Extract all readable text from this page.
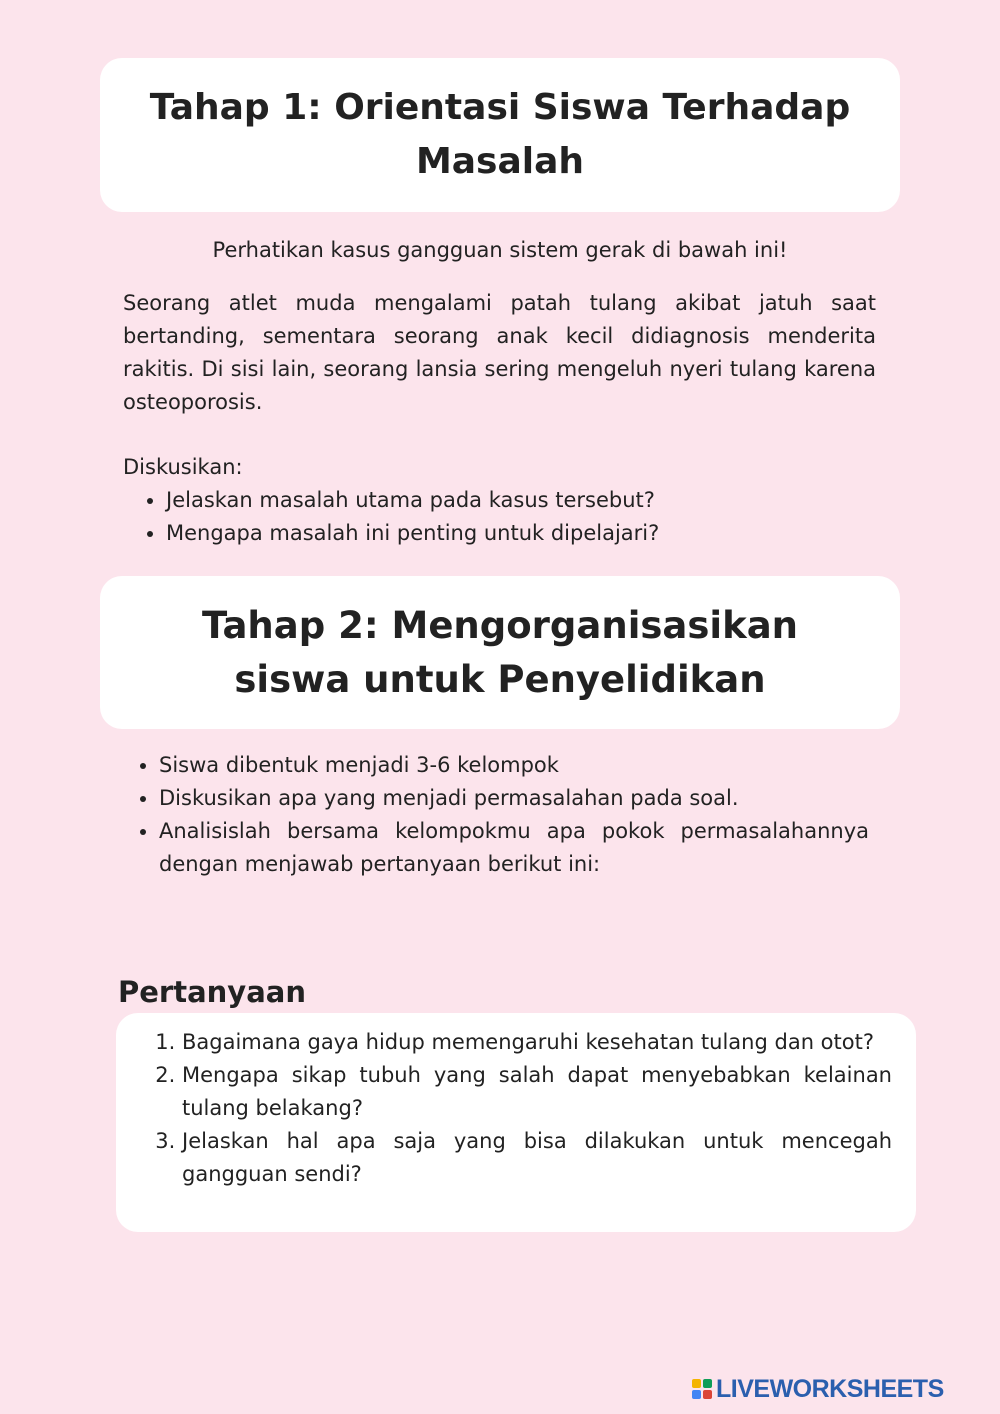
Tahap 1: Orientasi Siswa Terhadap Masalah

Perhatikan kasus gangguan sistem gerak di bawah ini!

Seorang atlet muda mengalami patah tulang akibat jatuh saat bertanding, sementara seorang anak kecil didiagnosis menderita rakitis. Di sisi lain, seorang lansia sering mengeluh nyeri tulang karena osteoporosis.

Diskusikan:

• Jelaskan masalah utama pada kasus tersebut?
• Mengapa masalah ini penting untuk dipelajari?
Tahap 2: Mengorganisasikan siswa untuk Penyelidikan
• Siswa dibentuk menjadi 3-6 kelompok
• Diskusikan apa yang menjadi permasalahan pada soal.
• Analisislah bersama kelompokmu apa pokok permasalahannya dengan menjawab pertanyaan berikut ini:
Pertanyaan
1. Bagaimana gaya hidup memengaruhi kesehatan tulang dan otot?
2. Mengapa sikap tubuh yang salah dapat menyebabkan kelainan tulang belakang?
3. Jelaskan hal apa saja yang bisa dilakukan untuk mencegah gangguan sendi?
LIVEWORKSHEETS
